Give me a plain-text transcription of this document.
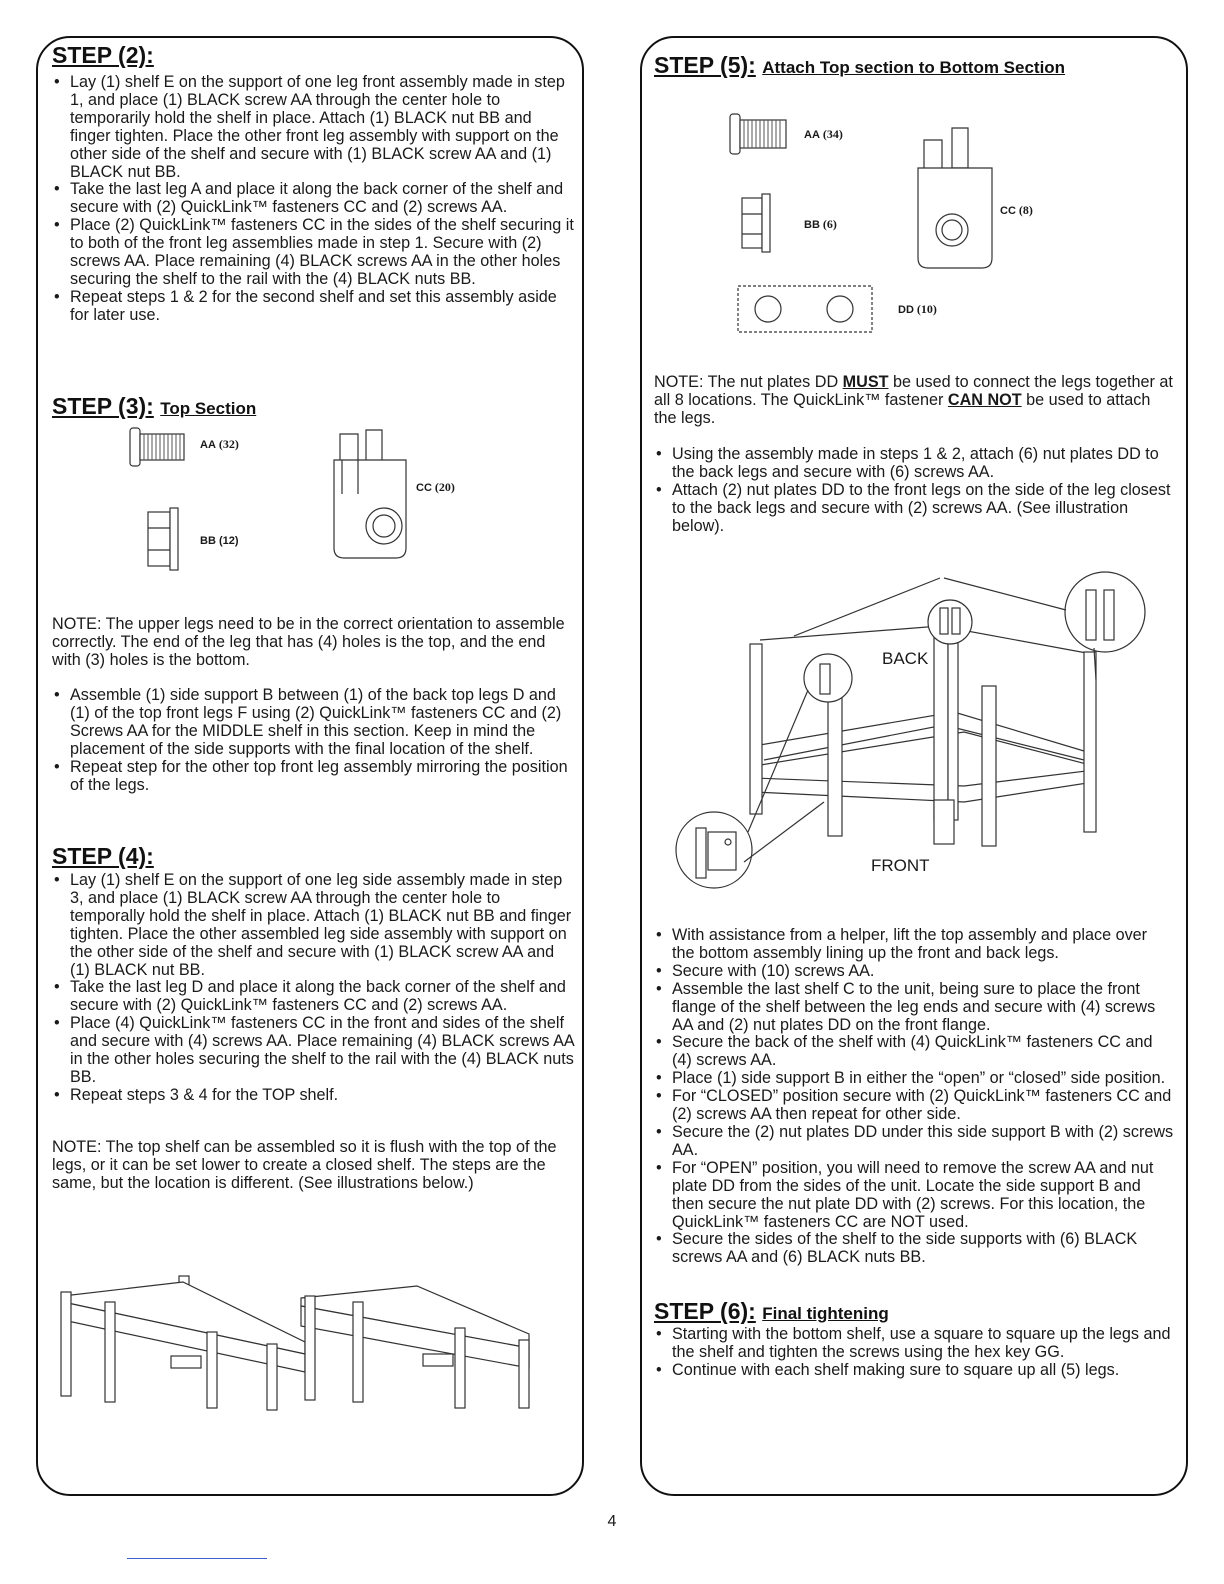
STEP (2):
• Lay (1) shelf E on the support of one leg front assembly made in step 1, and place (1) BLACK screw AA through the center hole to temporarily hold the shelf in place. Attach (1) BLACK nut BB and finger tighten. Place the other front leg assembly with support on the other side of the shelf and secure with (1) BLACK screw AA and (1) BLACK nut BB.
• Take the last leg A and place it along the back corner of the shelf and secure with (2) QuickLink™ fasteners CC and (2) screws AA.
• Place (2) QuickLink™ fasteners CC in the sides of the shelf securing it to both of the front leg assemblies made in step 1. Secure with (2) screws AA. Place remaining (4) BLACK screws AA in the other holes securing the shelf to the rail with the (4) BLACK nuts BB.
• Repeat steps 1 & 2 for the second shelf and set this assembly aside for later use.
STEP (3): Top Section
AA (32)
BB (12)
CC (20)

NOTE: The upper legs need to be in the correct orientation to assemble correctly. The end of the leg that has (4) holes is the top, and the end with (3) holes is the bottom.

• Assemble (1) side support B between (1) of the back top legs D and (1) of the top front legs F using (2) QuickLink™ fasteners CC and (2) Screws AA for the MIDDLE shelf in this section. Keep in mind the placement of the side supports with the final location of the shelf.
• Repeat step for the other top front leg assembly mirroring the position of the legs.
STEP (4):
• Lay (1) shelf E on the support of one leg side assembly made in step 3, and place (1) BLACK screw AA through the center hole to temporally hold the shelf in place. Attach (1) BLACK nut BB and finger tighten. Place the other assembled leg side assembly with support on the other side of the shelf and secure with (1) BLACK screw AA and (1) BLACK nut BB.
• Take the last leg D and place it along the back corner of the shelf and secure with (2) QuickLink™ fasteners CC and (2) screws AA.
• Place (4) QuickLink™ fasteners CC in the front and sides of the shelf and secure with (4) screws AA. Place remaining (4) BLACK screws AA in the other holes securing the shelf to the rail with the (4) BLACK nuts BB.
• Repeat steps 3 & 4 for the TOP shelf.

NOTE: The top shelf can be assembled so it is flush with the top of the legs, or it can be set lower to create a closed shelf. The steps are the same, but the location is different. (See illustrations below.)

STEP (5): Attach Top section to Bottom Section
AA (34)
BB (6)
CC (8)
DD (10)

NOTE: The nut plates DD MUST be used to connect the legs together at all 8 locations. The QuickLink™ fastener CAN NOT be used to attach the legs.

• Using the assembly made in steps 1 & 2, attach (6) nut plates DD to the back legs and secure with (6) screws AA.
• Attach (2) nut plates DD to the front legs on the side of the leg closest to the back legs and secure with (2) screws AA. (See illustration below).
BACK
FRONT
• With assistance from a helper, lift the top assembly and place over the bottom assembly lining up the front and back legs.
• Secure with (10) screws AA.
• Assemble the last shelf C to the unit, being sure to place the front flange of the shelf between the leg ends and secure with (4) screws AA and (2) nut plates DD on the front flange.
• Secure the back of the shelf with (4) QuickLink™ fasteners CC and (4) screws AA.
• Place (1) side support B in either the “open” or “closed” side position.
• For “CLOSED” position secure with (2) QuickLink™ fasteners CC and (2) screws AA then repeat for other side.
• Secure the (2) nut plates DD under this side support B with (2) screws AA.
• For “OPEN” position, you will need to remove the screw AA and nut plate DD from the sides of the unit. Locate the side support B and then secure the nut plate DD with (2) screws. For this location, the QuickLink™ fasteners CC are NOT used.
• Secure the sides of the shelf to the side supports with (6) BLACK screws AA and (6) BLACK nuts BB.
STEP (6): Final tightening
• Starting with the bottom shelf, use a square to square up the legs and the shelf and tighten the screws using the hex key GG.
• Continue with each shelf making sure to square up all (5) legs.
4
